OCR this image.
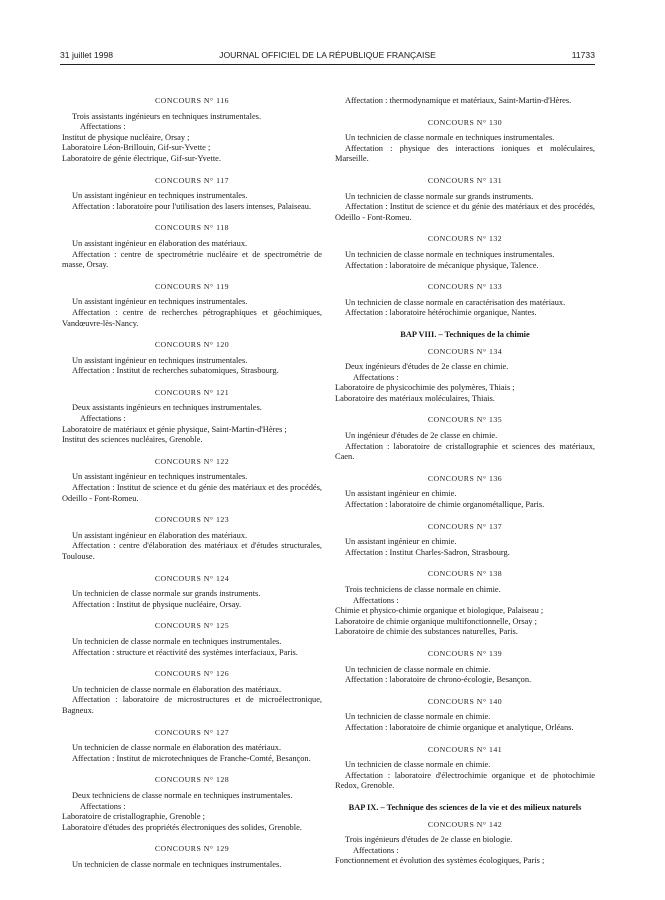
31 juillet 1998	JOURNAL OFFICIEL DE LA RÉPUBLIQUE FRANÇAISE	11733
CONCOURS N° 116
Trois assistants ingénieurs en techniques instrumentales.
Affectations :
Institut de physique nucléaire, Orsay ;
Laboratoire Léon-Brillouin, Gif-sur-Yvette ;
Laboratoire de génie électrique, Gif-sur-Yvette.
CONCOURS N° 117
Un assistant ingénieur en techniques instrumentales.
Affectation : laboratoire pour l'utilisation des lasers intenses, Palaiseau.
CONCOURS N° 118
Un assistant ingénieur en élaboration des matériaux.
Affectation : centre de spectrométrie nucléaire et de spectrométrie de masse, Orsay.
CONCOURS N° 119
Un assistant ingénieur en techniques instrumentales.
Affectation : centre de recherches pétrographiques et géochimiques, Vandœuvre-lès-Nancy.
CONCOURS N° 120
Un assistant ingénieur en techniques instrumentales.
Affectation : Institut de recherches subatomiques, Strasbourg.
CONCOURS N° 121
Deux assistants ingénieurs en techniques instrumentales.
Affectations :
Laboratoire de matériaux et génie physique, Saint-Martin-d'Hères ;
Institut des sciences nucléaires, Grenoble.
CONCOURS N° 122
Un assistant ingénieur en techniques instrumentales.
Affectation : Institut de science et du génie des matériaux et des procédés, Odeillo - Font-Romeu.
CONCOURS N° 123
Un assistant ingénieur en élaboration des matériaux.
Affectation : centre d'élaboration des matériaux et d'études structurales, Toulouse.
CONCOURS N° 124
Un technicien de classe normale sur grands instruments.
Affectation : Institut de physique nucléaire, Orsay.
CONCOURS N° 125
Un technicien de classe normale en techniques instrumentales.
Affectation : structure et réactivité des systèmes interfaciaux, Paris.
CONCOURS N° 126
Un technicien de classe normale en élaboration des matériaux.
Affectation : laboratoire de microstructures et de microélectronique, Bagneux.
CONCOURS N° 127
Un technicien de classe normale en élaboration des matériaux.
Affectation : Institut de microtechniques de Franche-Comté, Besançon.
CONCOURS N° 128
Deux techniciens de classe normale en techniques instrumentales.
Affectations :
Laboratoire de cristallographie, Grenoble ;
Laboratoire d'études des propriétés électroniques des solides, Grenoble.
CONCOURS N° 129
Un technicien de classe normale en techniques instrumentales.
Affectation : thermodynamique et matériaux, Saint-Martin-d'Hères.
CONCOURS N° 130
Un technicien de classe normale en techniques instrumentales.
Affectation : physique des interactions ioniques et moléculaires, Marseille.
CONCOURS N° 131
Un technicien de classe normale sur grands instruments.
Affectation : Institut de science et du génie des matériaux et des procédés, Odeillo - Font-Romeu.
CONCOURS N° 132
Un technicien de classe normale en techniques instrumentales.
Affectation : laboratoire de mécanique physique, Talence.
CONCOURS N° 133
Un technicien de classe normale en caractérisation des matériaux.
Affectation : laboratoire hétérochimie organique, Nantes.
BAP VIII. – Techniques de la chimie
CONCOURS N° 134
Deux ingénieurs d'études de 2e classe en chimie.
Affectations :
Laboratoire de physicochimie des polymères, Thiais ;
Laboratoire des matériaux moléculaires, Thiais.
CONCOURS N° 135
Un ingénieur d'études de 2e classe en chimie.
Affectation : laboratoire de cristallographie et sciences des matériaux, Caen.
CONCOURS N° 136
Un assistant ingénieur en chimie.
Affectation : laboratoire de chimie organométallique, Paris.
CONCOURS N° 137
Un assistant ingénieur en chimie.
Affectation : Institut Charles-Sadron, Strasbourg.
CONCOURS N° 138
Trois techniciens de classe normale en chimie.
Affectations :
Chimie et physico-chimie organique et biologique, Palaiseau ;
Laboratoire de chimie organique multifonctionnelle, Orsay ;
Laboratoire de chimie des substances naturelles, Paris.
CONCOURS N° 139
Un technicien de classe normale en chimie.
Affectation : laboratoire de chrono-écologie, Besançon.
CONCOURS N° 140
Un technicien de classe normale en chimie.
Affectation : laboratoire de chimie organique et analytique, Orléans.
CONCOURS N° 141
Un technicien de classe normale en chimie.
Affectation : laboratoire d'électrochimie organique et de photochimie Redox, Grenoble.
BAP IX. – Technique des sciences de la vie et des milieux naturels
CONCOURS N° 142
Trois ingénieurs d'études de 2e classe en biologie.
Affectations :
Fonctionnement et évolution des systèmes écologiques, Paris ;
